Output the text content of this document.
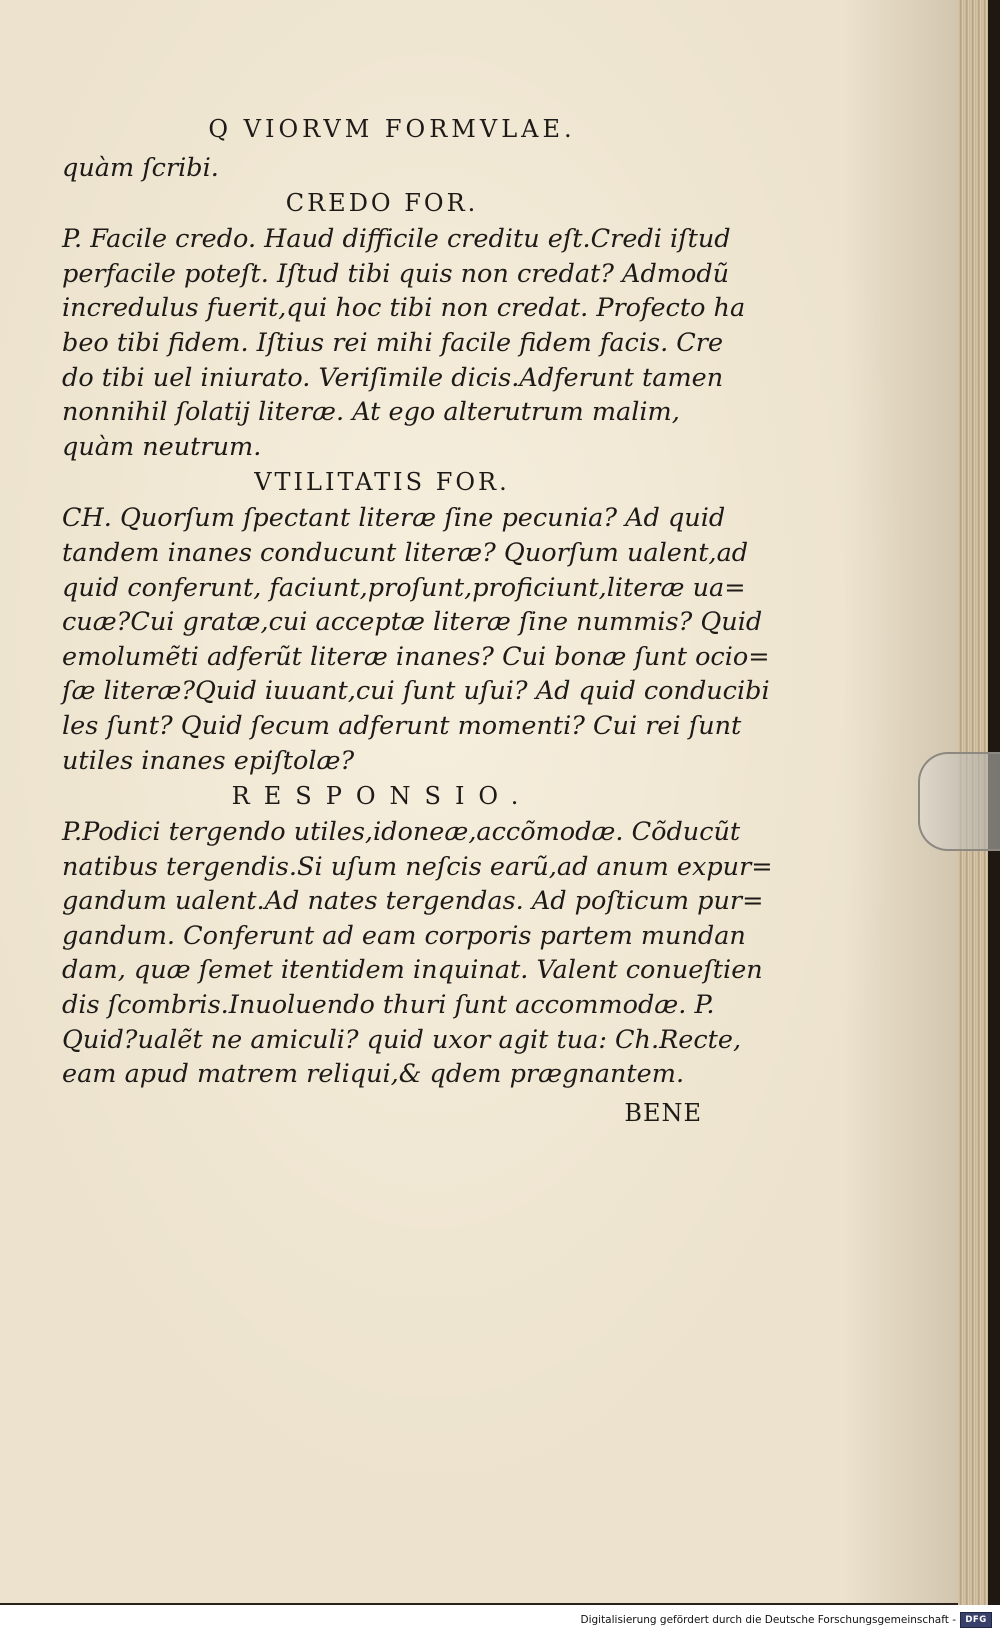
Q VIORVM FORMVLAE.
quàm ſcribi.
CREDO FOR.
P. Facile credo. Haud difficile creditu eſt.Credi iſtud
perfacile poteſt. Iſtud tibi quis non credat? Admodũ
incredulus fuerit,qui hoc tibi non credat. Profecto ha
beo tibi fidem. Iſtius rei mihi facile fidem facis. Cre
do tibi uel iniurato. Veriſimile dicis.Adferunt tamen
nonnihil ſolatij literæ. At ego alterutrum malim,
quàm neutrum.
VTILITATIS FOR.
CH. Quorſum ſpectant literæ ſine pecunia? Ad quid
tandem inanes conducunt literæ? Quorſum ualent,ad
quid conferunt, faciunt,proſunt,proficiunt,literæ ua=
cuæ?Cui gratæ,cui acceptæ literæ ſine nummis? Quid
emolumẽti adferũt literæ inanes? Cui bonæ ſunt ocio=
ſæ literæ?Quid iuuant,cui ſunt uſui? Ad quid conducibi
les ſunt? Quid ſecum adferunt momenti? Cui rei ſunt
utiles inanes epiſtolæ?
RESPONSIO.
P.Podici tergendo utiles,idoneæ,accõmodæ. Cõducũt
natibus tergendis.Si uſum neſcis earũ,ad anum expur=
gandum ualent.Ad nates tergendas. Ad poſticum pur=
gandum. Conferunt ad eam corporis partem mundan
dam, quæ ſemet itentidem inquinat. Valent conueſtien
dis ſcombris.Inuoluendo thuri ſunt accommodæ. P.
Quid?ualẽt ne amiculi? quid uxor agit tua: Ch.Recte,
eam apud matrem reliqui,& qdem prægnantem.
BENE
Digitalisierung gefördert durch die Deutsche Forschungsgemeinschaft -	DFG
